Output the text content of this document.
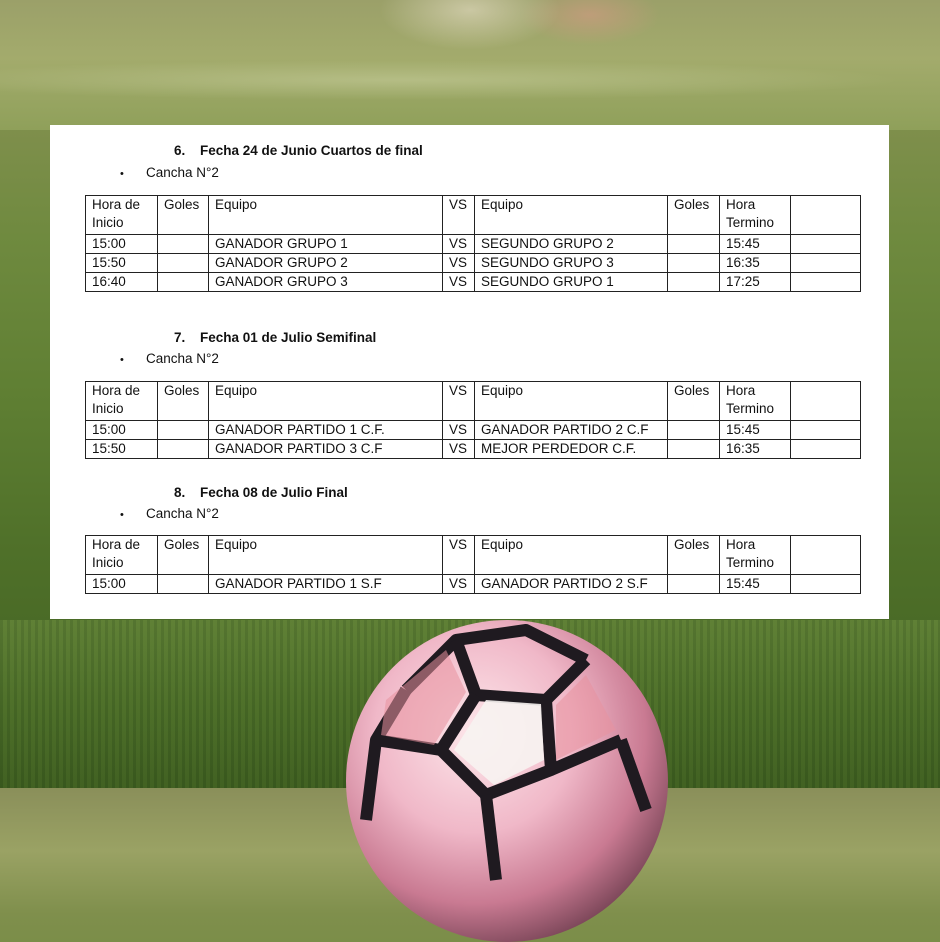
6. Fecha 24 de Junio Cuartos de final
• Cancha N°2
Hora de Inicio	Goles	Equipo	VS	Equipo	Goles	Hora Termino	
15:00		GANADOR GRUPO 1	VS	SEGUNDO GRUPO 2		15:45	
15:50		GANADOR GRUPO 2	VS	SEGUNDO GRUPO 3		16:35	
16:40		GANADOR GRUPO 3	VS	SEGUNDO GRUPO 1		17:25	
7. Fecha 01 de Julio Semifinal
• Cancha N°2
Hora de Inicio	Goles	Equipo	VS	Equipo	Goles	Hora Termino	
15:00		GANADOR PARTIDO 1 C.F.	VS	GANADOR PARTIDO 2 C.F		15:45	
15:50		GANADOR PARTIDO 3 C.F	VS	MEJOR PERDEDOR C.F.		16:35	
8. Fecha 08 de Julio Final
• Cancha N°2
Hora de Inicio	Goles	Equipo	VS	Equipo	Goles	Hora Termino	
15:00		GANADOR PARTIDO 1 S.F	VS	GANADOR PARTIDO 2 S.F		15:45	
